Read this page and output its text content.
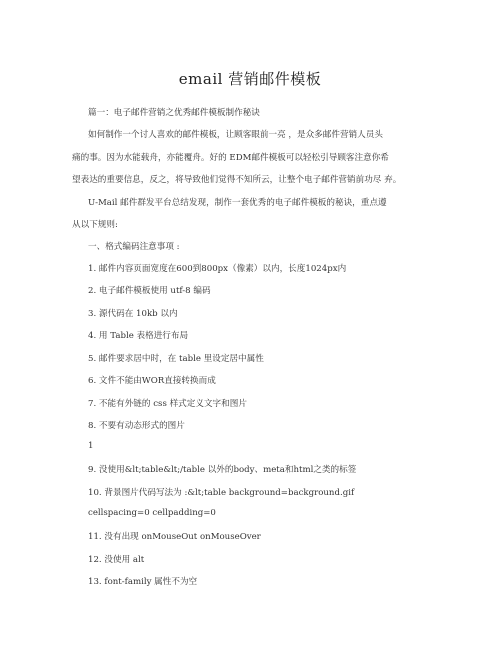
email 营销邮件模板
篇一：电子邮件营销之优秀邮件模板制作秘诀
如何制作一个讨人喜欢的邮件模板，让顾客眼前一亮 ，是众多邮件营销人员头
痛的事。因为水能载舟，亦能覆舟。好的 EDM邮件模板可以轻松引导顾客注意你希
望表达的重要信息，反之，将导致他们觉得不知所云，让整个电子邮件营销前功尽 弃。
U-Mail 邮件群发平台总结发现，制作一套优秀的电子邮件模板的秘诀，重点遵
从以下规则:
一、格式编码注意事项 :
1. 邮件内容页面宽度在600到800px（像素）以内，长度1024px内
2. 电子邮件模板使用 utf-8 编码
3. 源代码在 10kb 以内
4. 用 Table 表格进行布局
5. 邮件要求居中时，在 table 里设定居中属性
6. 文件不能由WOR直接转换而成
7. 不能有外链的 css 样式定义文字和图片
8. 不要有动态形式的图片
1
9. 没使用&lt;table&lt;/table 以外的body、meta和html之类的标签
10. 背景图片代码写法为 :&lt;table background=background.gif
cellspacing=0 cellpadding=0
11. 没有出现 onMouseOut onMouseOver
12. 没使用 alt
13. font-family 属性不为空
